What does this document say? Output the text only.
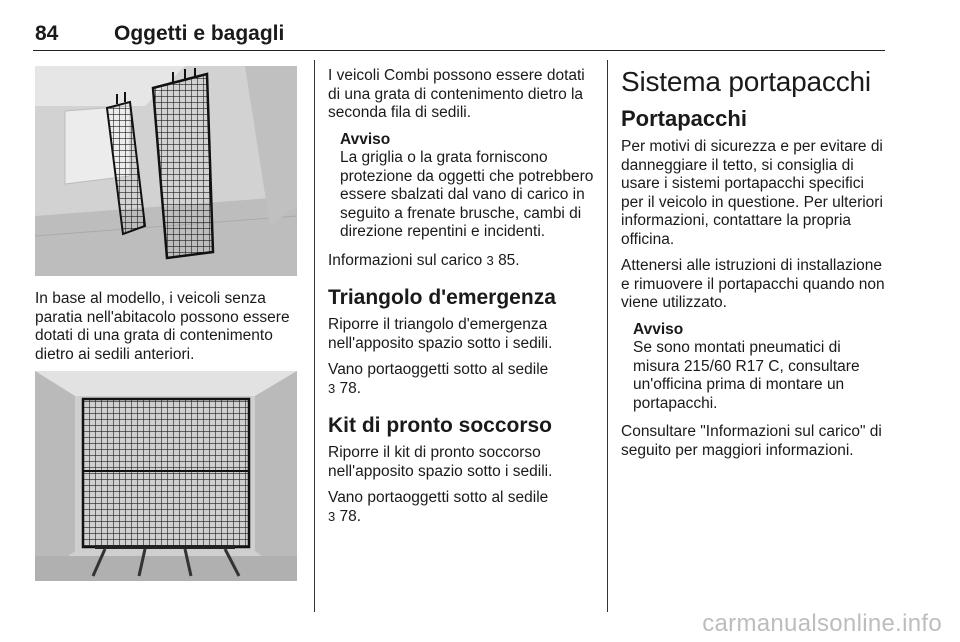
84	Oggetti e bagagli

In base al modello, i veicoli senza paratia nell'abitacolo possono essere dotati di una grata di contenimento dietro ai sedili anteriori.

I veicoli Combi possono essere dotati di una grata di contenimento dietro la seconda fila di sedili.

Avviso
La griglia o la grata forniscono protezione da oggetti che potrebbero essere sbalzati dal vano di carico in seguito a frenate brusche, cambi di direzione repentini e incidenti.

Informazioni sul carico 3 85.

Triangolo d'emergenza

Riporre il triangolo d'emergenza nell'apposito spazio sotto i sedili.

Vano portaoggetti sotto al sedile
3 78.

Kit di pronto soccorso

Riporre il kit di pronto soccorso nell'apposito spazio sotto i sedili.

Vano portaoggetti sotto al sedile
3 78.

Sistema portapacchi
Portapacchi

Per motivi di sicurezza e per evitare di danneggiare il tetto, si consiglia di usare i sistemi portapacchi specifici per il veicolo in questione. Per ulteriori informazioni, contattare la propria officina.

Attenersi alle istruzioni di installazione e rimuovere il portapacchi quando non viene utilizzato.

Avviso
Se sono montati pneumatici di misura 215/60 R17 C, consultare un'officina prima di montare un portapacchi.

Consultare "Informazioni sul carico" di seguito per maggiori informazioni.

carmanualsonline.info
